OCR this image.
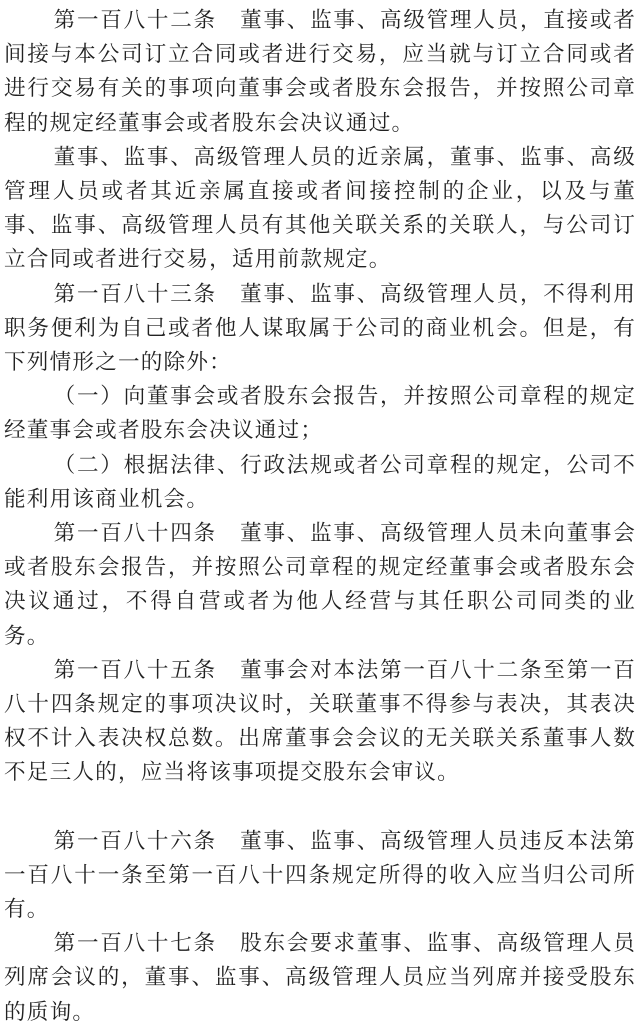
第一百八十二条　董事、监事、高级管理人员，直接或者间接与本公司订立合同或者进行交易，应当就与订立合同或者进行交易有关的事项向董事会或者股东会报告，并按照公司章程的规定经董事会或者股东会决议通过。

董事、监事、高级管理人员的近亲属，董事、监事、高级管理人员或者其近亲属直接或者间接控制的企业，以及与董事、监事、高级管理人员有其他关联关系的关联人，与公司订立合同或者进行交易，适用前款规定。

第一百八十三条　董事、监事、高级管理人员，不得利用职务便利为自己或者他人谋取属于公司的商业机会。但是，有下列情形之一的除外：

（一）向董事会或者股东会报告，并按照公司章程的规定经董事会或者股东会决议通过；

（二）根据法律、行政法规或者公司章程的规定，公司不能利用该商业机会。

第一百八十四条　董事、监事、高级管理人员未向董事会或者股东会报告，并按照公司章程的规定经董事会或者股东会决议通过，不得自营或者为他人经营与其任职公司同类的业务。

第一百八十五条　董事会对本法第一百八十二条至第一百八十四条规定的事项决议时，关联董事不得参与表决，其表决权不计入表决权总数。出席董事会会议的无关联关系董事人数不足三人的，应当将该事项提交股东会审议。

第一百八十六条　董事、监事、高级管理人员违反本法第一百八十一条至第一百八十四条规定所得的收入应当归公司所有。

第一百八十七条　股东会要求董事、监事、高级管理人员列席会议的，董事、监事、高级管理人员应当列席并接受股东的质询。
